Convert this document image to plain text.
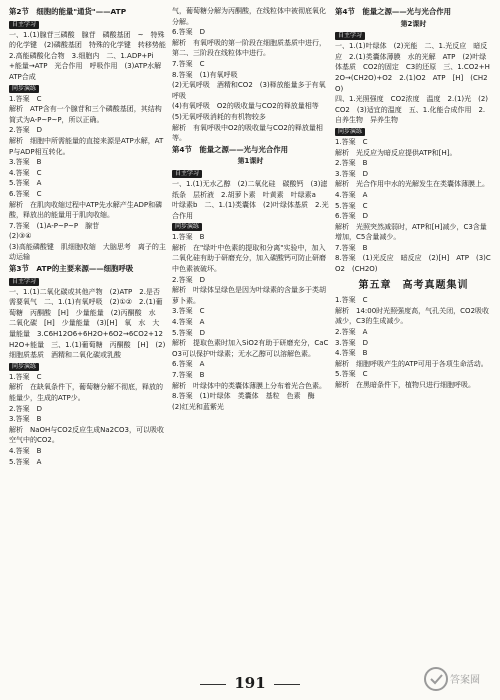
第2节　细胞的能量"通货"——ATP
自主学习

一、1.(1)腺苷三磷酸　腺苷　磷酸基团　~　特殊的化学键　(2)磷酸基团　特殊的化学键　转移势能　2.高能磷酸化合物　3.细胞内　二、1.ADP+Pi+能量→ATP　光合作用　呼吸作用　(3)ATP水解　ATP合成

同步演练

1.答案　C
解析　ATP含有一个腺苷和三个磷酸基团，其结构简式为A-P~P~P，所以正确。
2.答案　D
解析　细胞中所需能量的直接来源是ATP水解，ATP与ADP相互转化。
3.答案　B
4.答案　C
5.答案　A
6.答案　C
解析　在肌肉收缩过程中ATP先水解产生ADP和磷酸，释放出的能量用于肌肉收缩。
7.答案　(1)A-P~P~P　腺苷
(2)③④
(3)高能磷酸键　肌细胞收缩　大脑思考　离子的主动运输

第3节　ATP的主要来源——细胞呼吸
自主学习

一、1.(1)二氧化碳或其他产物　(2)ATP　2.是否需要氧气　二、1.(1)有氧呼吸　(2)①②　2.(1)葡萄糖　丙酮酸　[H]　少量能量　(2)丙酮酸　水　二氧化碳　[H]　少量能量　(3)[H]　氧　水　大量能量　3.C6H12O6+6H2O+6O2→6CO2+12H2O+能量　三、1.(1)葡萄糖　丙酮酸　[H]　(2)细胞质基质　酒精和二氧化碳或乳酸

同步演练

1.答案　C
解析　在缺氧条件下，葡萄糖分解不彻底，释放的能量少，生成的ATP少。
2.答案　D
3.答案　B
解析　NaOH与CO2反应生成Na2CO3，可以吸收空气中的CO2。
4.答案　B
5.答案　A

气，葡萄糖分解为丙酮酸，在线粒体中被彻底氧化分解。
6.答案　D
解析　有氧呼吸的第一阶段在细胞质基质中进行，第二、三阶段在线粒体中进行。
7.答案　C
8.答案　(1)有氧呼吸
(2)无氧呼吸　酒精和CO2　(3)释放能量多于有氧呼吸
(4)有氧呼吸　O2的吸收量与CO2的释放量相等
(5)无氧呼吸消耗的有机物较多
解析　有氧呼吸中O2的吸收量与CO2的释放量相等。

第4节　能量之源——光与光合作用
第1课时
自主学习

一、1.(1)无水乙醇　(2)二氧化硅　碳酸钙　(3)滤纸条　层析液　2.胡萝卜素　叶黄素　叶绿素a　叶绿素b　二、1.(1)类囊体　(2)叶绿体基质　2.光合作用

同步演练

1.答案　B
解析　在"绿叶中色素的提取和分离"实验中，加入二氧化硅有助于研磨充分，加入碳酸钙可防止研磨中色素被破坏。
2.答案　D
解析　叶绿体呈绿色是因为叶绿素的含量多于类胡萝卜素。
3.答案　C
4.答案　A
5.答案　D
解析　提取色素时加入SiO2有助于研磨充分，CaCO3可以保护叶绿素；无水乙醇可以溶解色素。
6.答案　A
7.答案　B
解析　叶绿体中的类囊体薄膜上分布着光合色素。
8.答案　(1)叶绿体　类囊体　基粒　色素　酶　(2)红光和蓝紫光

第4节　能量之源——光与光合作用
第2课时
自主学习

一、1.(1)叶绿体　(2)光能　二、1.光反应　暗反应　2.(1)类囊体薄膜　水的光解　ATP　(2)叶绿体基质　CO2的固定　C3的还原　三、1.CO2+H2O→(CH2O)+O2　2.(1)O2　ATP　[H]　(CH2O)
四、1.光照强度　CO2浓度　温度　2.(1)光　(2)CO2　(3)适宜的温度　五、1.化能合成作用　2.自养生物　异养生物

同步演练

1.答案　C
解析　光反应为暗反应提供ATP和[H]。
2.答案　B
3.答案　D
解析　光合作用中水的光解发生在类囊体薄膜上。
4.答案　A
5.答案　C
6.答案　D
解析　光照突然减弱时，ATP和[H]减少，C3含量增加，C5含量减少。
7.答案　B
8.答案　(1)光反应　暗反应　(2)[H]　ATP　(3)CO2　(CH2O)

第五章　高考真题集训

1.答案　C
解析　14:00时光照强度高，气孔关闭，CO2吸收减少，C3的生成减少。
2.答案　A
3.答案　D
4.答案　B
解析　细胞呼吸产生的ATP可用于各项生命活动。
5.答案　C
解析　在黑暗条件下，植物只进行细胞呼吸。

191	答案圈
